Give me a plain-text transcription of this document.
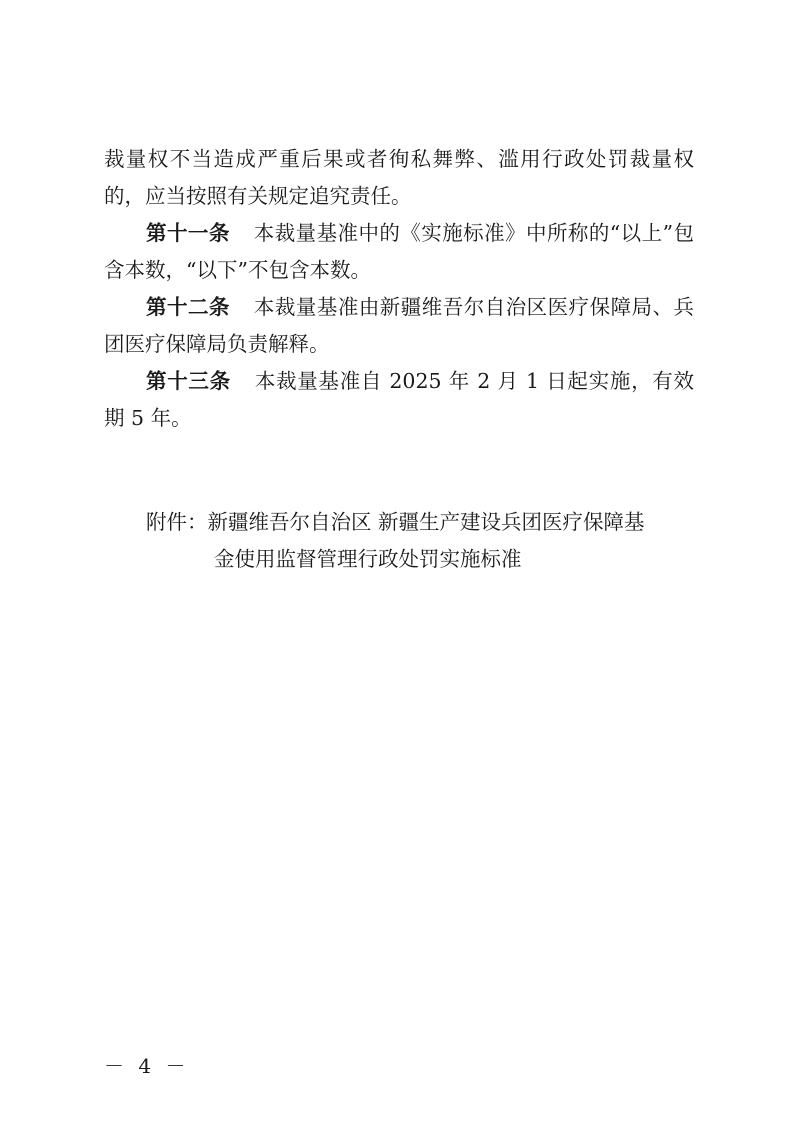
裁量权不当造成严重后果或者徇私舞弊、滥用行政处罚裁量权的，应当按照有关规定追究责任。

第十一条 本裁量基准中的《实施标准》中所称的“以上”包含本数，“以下”不包含本数。

第十二条 本裁量基准由新疆维吾尔自治区医疗保障局、兵团医疗保障局负责解释。

第十三条 本裁量基准自 2025 年 2 月 1 日起实施，有效期 5 年。

附件：新疆维吾尔自治区 新疆生产建设兵团医疗保障基
金使用监督管理行政处罚实施标准
－ 4 －
